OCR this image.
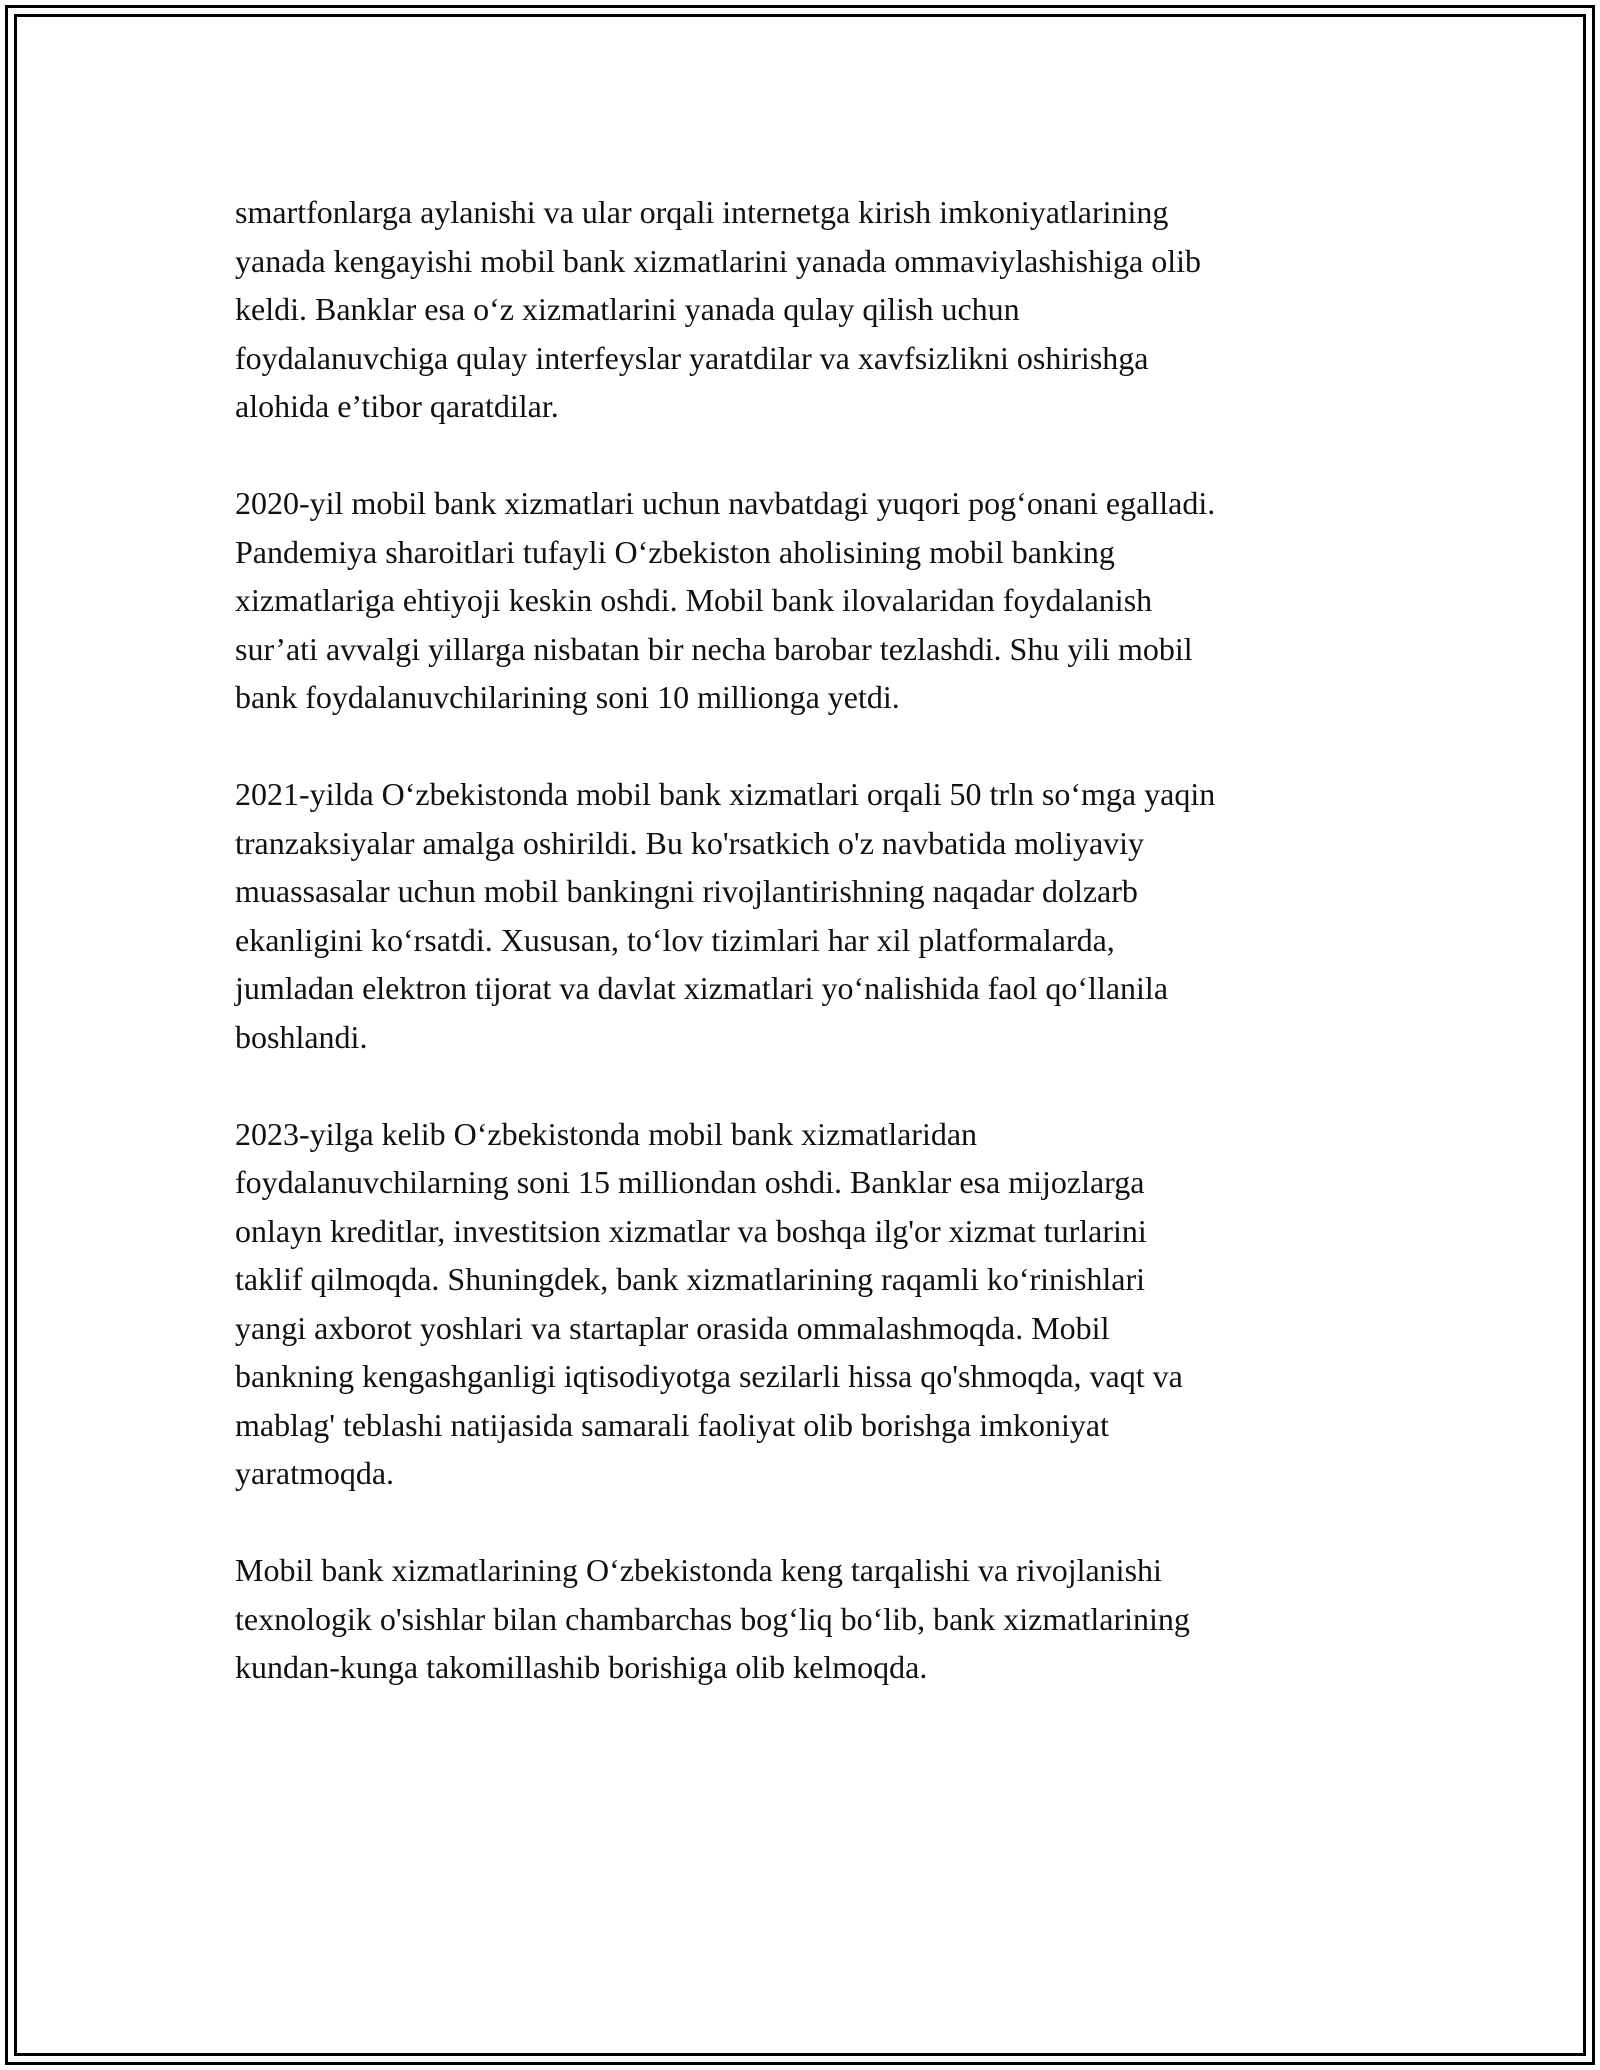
smartfonlarga aylanishi va ular orqali internetga kirish imkoniyatlarining
yanada kengayishi mobil bank xizmatlarini yanada ommaviylashishiga olib
keldi. Banklar esa o‘z xizmatlarini yanada qulay qilish uchun
foydalanuvchiga qulay interfeyslar yaratdilar va xavfsizlikni oshirishga
alohida e’tibor qaratdilar.

2020-yil mobil bank xizmatlari uchun navbatdagi yuqori pog‘onani egalladi.
Pandemiya sharoitlari tufayli O‘zbekiston aholisining mobil banking
xizmatlariga ehtiyoji keskin oshdi. Mobil bank ilovalaridan foydalanish
sur’ati avvalgi yillarga nisbatan bir necha barobar tezlashdi. Shu yili mobil
bank foydalanuvchilarining soni 10 millionga yetdi.

2021-yilda O‘zbekistonda mobil bank xizmatlari orqali 50 trln so‘mga yaqin
tranzaksiyalar amalga oshirildi. Bu ko'rsatkich o'z navbatida moliyaviy
muassasalar uchun mobil bankingni rivojlantirishning naqadar dolzarb
ekanligini ko‘rsatdi. Xususan, to‘lov tizimlari har xil platformalarda,
jumladan elektron tijorat va davlat xizmatlari yo‘nalishida faol qo‘llanila
boshlandi.

2023-yilga kelib O‘zbekistonda mobil bank xizmatlaridan
foydalanuvchilarning soni 15 milliondan oshdi. Banklar esa mijozlarga
onlayn kreditlar, investitsion xizmatlar va boshqa ilg'or xizmat turlarini
taklif qilmoqda. Shuningdek, bank xizmatlarining raqamli ko‘rinishlari
yangi axborot yoshlari va startaplar orasida ommalashmoqda. Mobil
bankning kengashganligi iqtisodiyotga sezilarli hissa qo'shmoqda, vaqt va
mablag' teblashi natijasida samarali faoliyat olib borishga imkoniyat
yaratmoqda.

Mobil bank xizmatlarining O‘zbekistonda keng tarqalishi va rivojlanishi
texnologik o'sishlar bilan chambarchas bog‘liq bo‘lib, bank xizmatlarining
kundan-kunga takomillashib borishiga olib kelmoqda.
